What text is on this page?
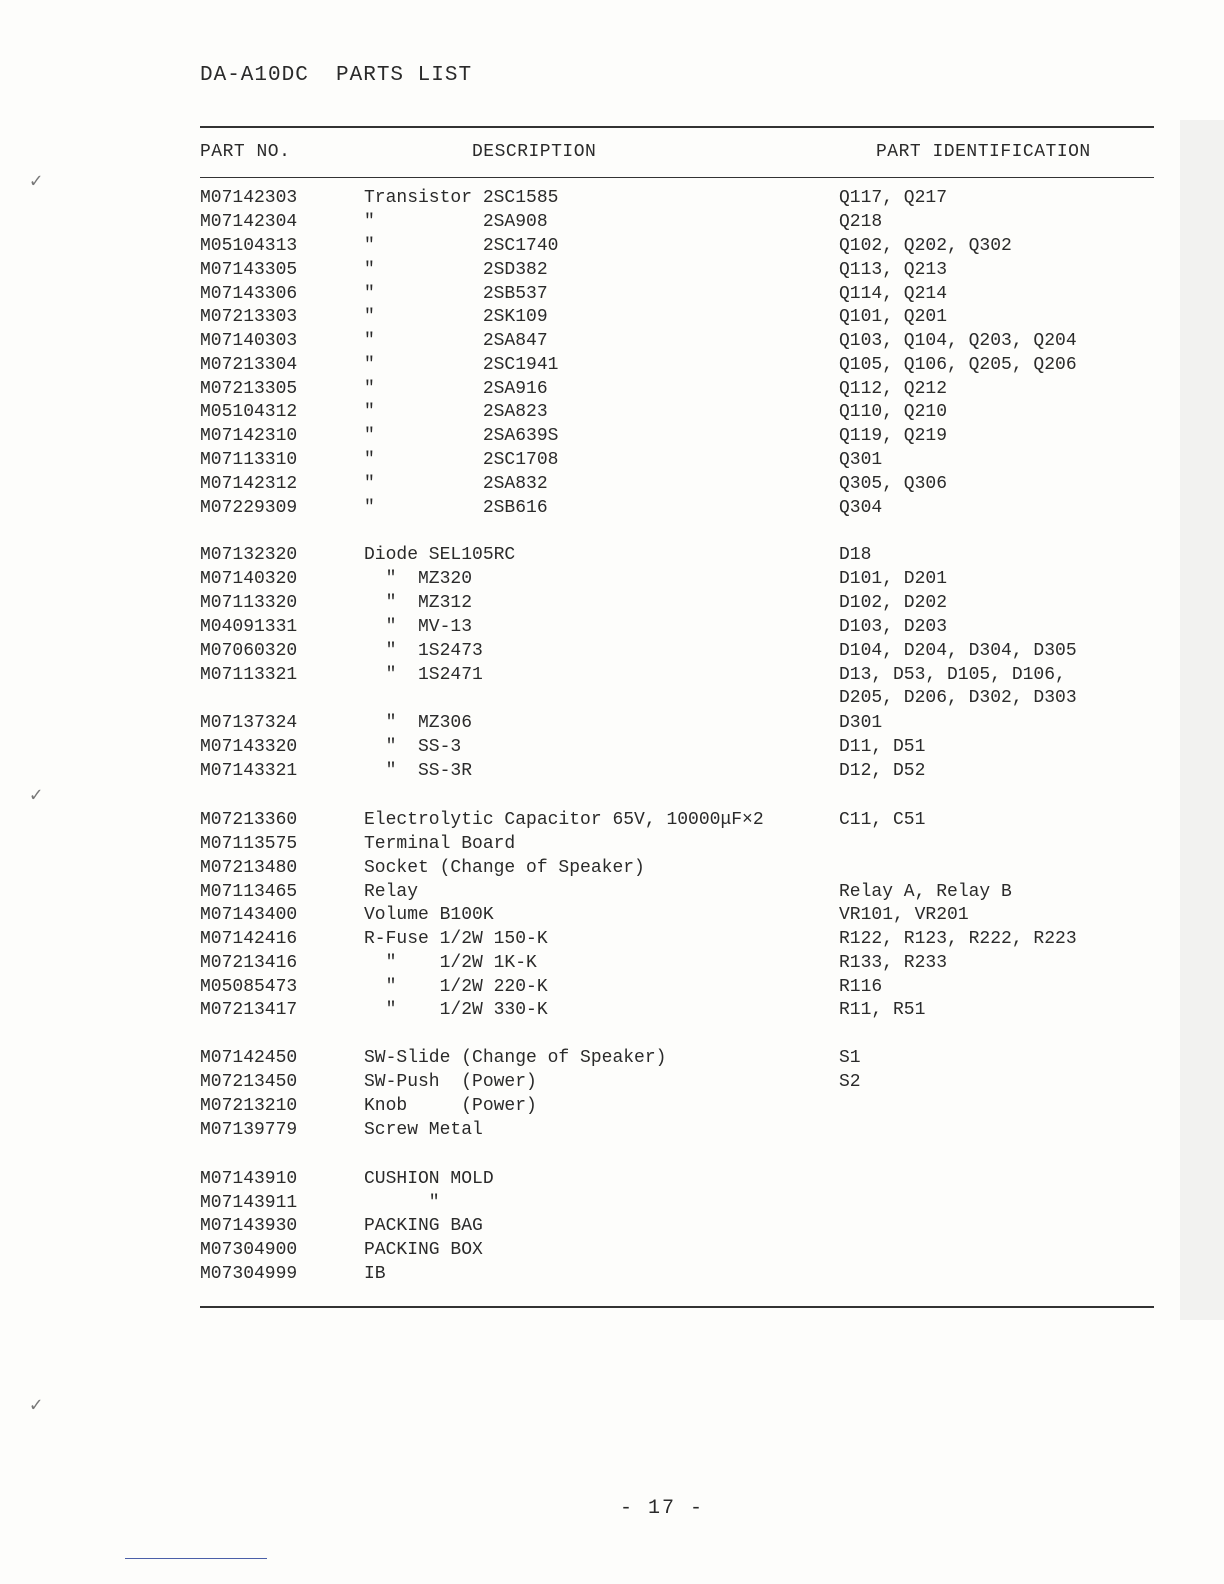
✓
✓
✓
DA-A10DC  PARTS LIST
PART NO.	DESCRIPTION	PART IDENTIFICATION
M07142303	Transistor 2SC1585	Q117, Q217
M07142304	"          2SA908	Q218
M05104313	"          2SC1740	Q102, Q202, Q302
M07143305	"          2SD382	Q113, Q213
M07143306	"          2SB537	Q114, Q214
M07213303	"          2SK109	Q101, Q201
M07140303	"          2SA847	Q103, Q104, Q203, Q204
M07213304	"          2SC1941	Q105, Q106, Q205, Q206
M07213305	"          2SA916	Q112, Q212
M05104312	"          2SA823	Q110, Q210
M07142310	"          2SA639S	Q119, Q219
M07113310	"          2SC1708	Q301
M07142312	"          2SA832	Q305, Q306
M07229309	"          2SB616	Q304
M07132320	Diode SEL105RC	D18
M07140320	"  MZ320	D101, D201
M07113320	"  MZ312	D102, D202
M04091331	"  MV-13	D103, D203
M07060320	"  1S2473	D104, D204, D304, D305
M07113321	"  1S2471	D13, D53, D105, D106,
D205, D206, D302, D303
M07137324	"  MZ306	D301
M07143320	"  SS-3	D11, D51
M07143321	"  SS-3R	D12, D52
M07213360	Electrolytic Capacitor 65V, 10000μF×2	C11, C51
M07113575	Terminal Board
M07213480	Socket (Change of Speaker)
M07113465	Relay	Relay A, Relay B
M07143400	Volume B100K	VR101, VR201
M07142416	R-Fuse 1/2W 150-K	R122, R123, R222, R223
M07213416	"    1/2W 1K-K	R133, R233
M05085473	"    1/2W 220-K	R116
M07213417	"    1/2W 330-K	R11, R51
M07142450	SW-Slide (Change of Speaker)	S1
M07213450	SW-Push  (Power)	S2
M07213210	Knob     (Power)
M07139779	Screw Metal
M07143910	CUSHION MOLD
M07143911	"
M07143930	PACKING BAG
M07304900	PACKING BOX
M07304999	IB
- 17 -
